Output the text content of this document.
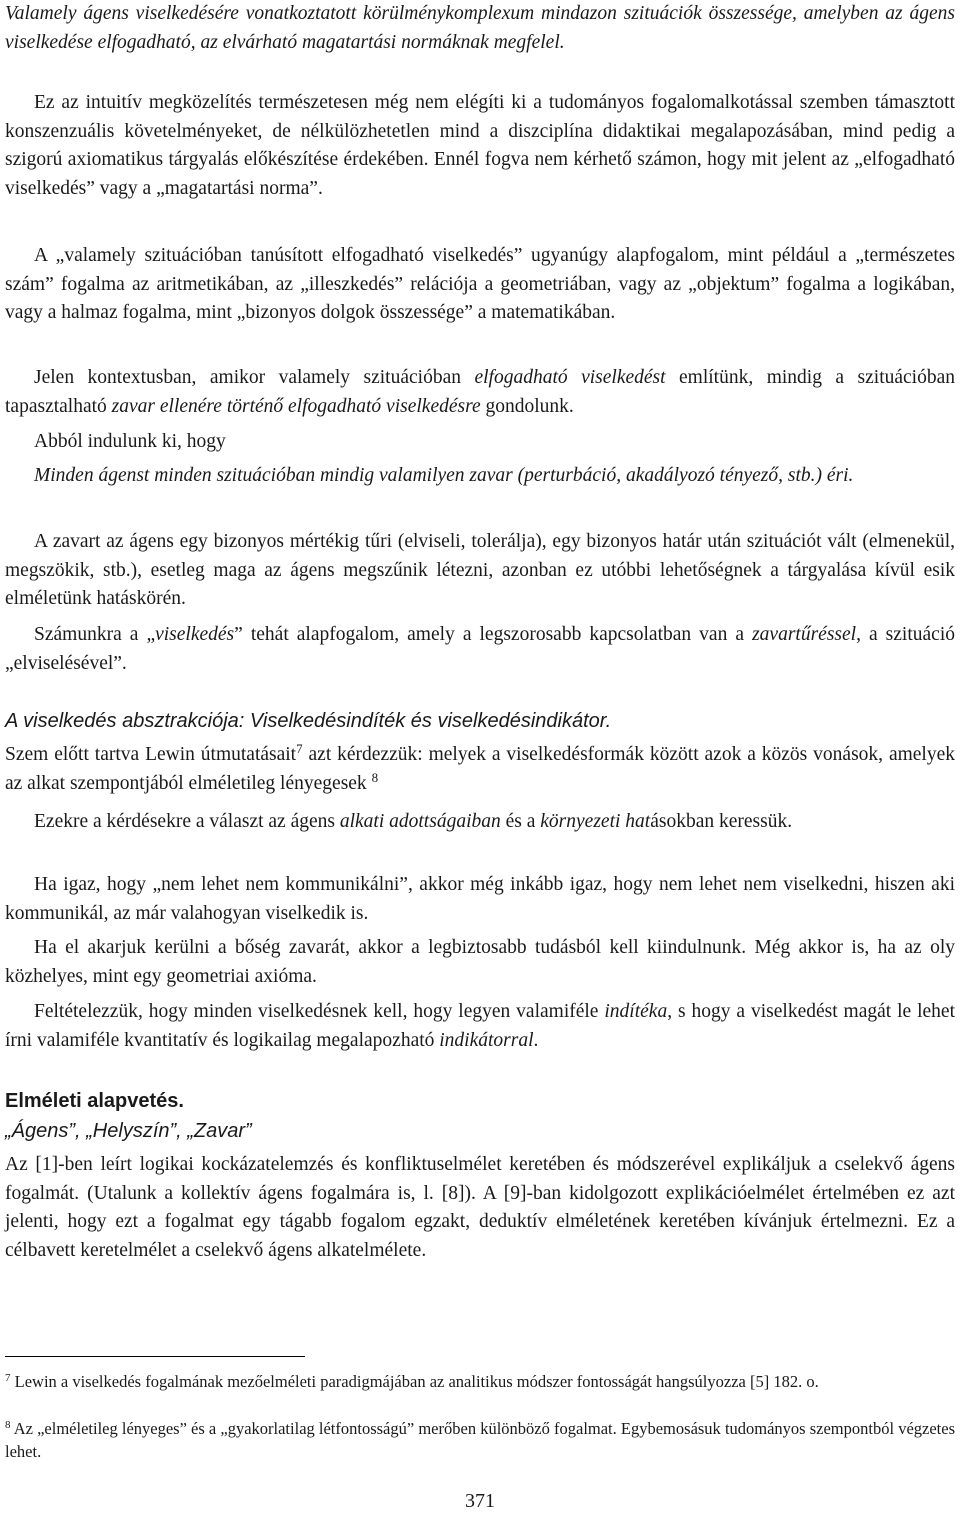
Valamely ágens viselkedésére vonatkoztatott körülménykomplexum mindazon szituációk összessége, amelyben az ágens viselkedése elfogadható, az elvárható magatartási normáknak megfelel.

Ez az intuitív megközelítés természetesen még nem elégíti ki a tudományos fogalomalkotással szemben támasztott konszenzuális követelményeket, de nélkülözhetetlen mind a diszciplína didaktikai megalapozásában, mind pedig a szigorú axiomatikus tárgyalás előkészítése érdekében. Ennél fogva nem kérhető számon, hogy mit jelent az „elfogadható viselkedés” vagy a „magatartási norma”.

A „valamely szituációban tanúsított elfogadható viselkedés” ugyanúgy alapfogalom, mint például a „természetes szám” fogalma az aritmetikában, az „illeszkedés” relációja a geometriában, vagy az „objektum” fogalma a logikában, vagy a halmaz fogalma, mint „bizonyos dolgok összessége” a matematikában.

Jelen kontextusban, amikor valamely szituációban elfogadható viselkedést említünk, mindig a szituációban tapasztalható zavar ellenére történő elfogadható viselkedésre gondolunk.

Abból indulunk ki, hogy

Minden ágenst minden szituációban mindig valamilyen zavar (perturbáció, akadályozó tényező, stb.) éri.

A zavart az ágens egy bizonyos mértékig tűri (elviseli, tolerálja), egy bizonyos határ után szituációt vált (elmenekül, megszökik, stb.), esetleg maga az ágens megszűnik létezni, azonban ez utóbbi lehetőségnek a tárgyalása kívül esik elméletünk hatáskörén.

Számunkra a „viselkedés” tehát alapfogalom, amely a legszorosabb kapcsolatban van a zavartűréssel, a szituáció „elviselésével”.

A viselkedés absztrakciója: Viselkedésindíték és viselkedésindikátor.

Szem előtt tartva Lewin útmutatásait$^7$ azt kérdezzük: melyek a viselkedésformák között azok a közös vonások, amelyek az alkat szempontjából elméletileg lényegesek $^8$

Ezekre a kérdésekre a választ az ágens alkati adottságaiban és a környezeti hatásokban keressük.

Ha igaz, hogy „nem lehet nem kommunikálni”, akkor még inkább igaz, hogy nem lehet nem viselkedni, hiszen aki kommunikál, az már valahogyan viselkedik is.

Ha el akarjuk kerülni a bőség zavarát, akkor a legbiztosabb tudásból kell kiindulnunk. Még akkor is, ha az oly közhelyes, mint egy geometriai axióma.

Feltételezzük, hogy minden viselkedésnek kell, hogy legyen valamiféle indítéka, s hogy a viselkedést magát le lehet írni valamiféle kvantitatív és logikailag megalapozható indikátorral.

Elméleti alapvetés.
„Ágens”, „Helyszín”, „Zavar”

Az [1]-ben leírt logikai kockázatelemzés és konfliktuselmélet keretében és módszerével explikáljuk a cselekvő ágens fogalmát. (Utalunk a kollektív ágens fogalmára is, l. [8]). A [9]-ban kidolgozott explikációelmélet értelmében ez azt jelenti, hogy ezt a fogalmat egy tágabb fogalom egzakt, deduktív elméletének keretében kívánjuk értelmezni. Ez a célbavett keretelmélet a cselekvő ágens alkatelmélete.

$^7$ Lewin a viselkedés fogalmának mezőelméleti paradigmájában az analitikus módszer fontosságát hangsúlyozza [5] 182. o.
$^8$ Az „elméletileg lényeges” és a „gyakorlatilag létfontosságú” merőben különböző fogalmat. Egybemosásuk tudományos szempontból végzetes lehet.
371
